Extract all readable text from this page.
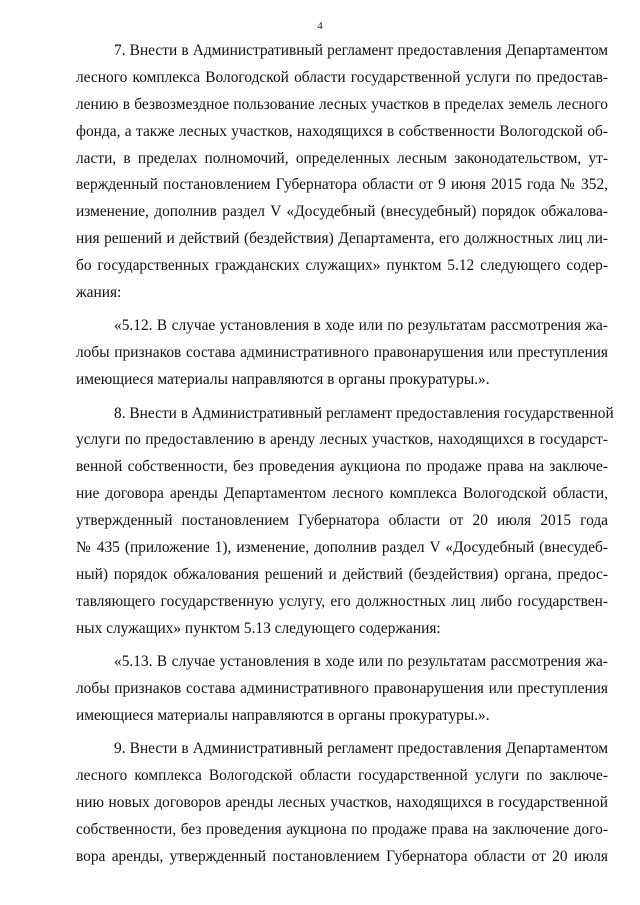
4
7. Внести в Административный регламент предоставления Департаментом
лесного комплекса Вологодской области государственной услуги по предостав-
лению в безвозмездное пользование лесных участков в пределах земель лесного
фонда, а также лесных участков, находящихся в собственности Вологодской об-
ласти, в пределах полномочий, определенных лесным законодательством, ут-
вержденный постановлением Губернатора области от 9 июня 2015 года № 352,
изменение, дополнив раздел V «Досудебный (внесудебный) порядок обжалова-
ния решений и действий (бездействия) Департамента, его должностных лиц ли-
бо государственных гражданских служащих» пунктом 5.12 следующего содер-
жания:
«5.12. В случае установления в ходе или по результатам рассмотрения жа-
лобы признаков состава административного правонарушения или преступления
имеющиеся материалы направляются в органы прокуратуры.».
8. Внести в Административный регламент предоставления государственной
услуги по предоставлению в аренду лесных участков, находящихся в государст-
венной собственности, без проведения аукциона по продаже права на заключе-
ние договора аренды Департаментом лесного комплекса Вологодской области,
утвержденный постановлением Губернатора области от 20 июля 2015 года
№ 435 (приложение 1), изменение, дополнив раздел V «Досудебный (внесудеб-
ный) порядок обжалования решений и действий (бездействия) органа, предос-
тавляющего государственную услугу, его должностных лиц либо государствен-
ных служащих» пунктом 5.13 следующего содержания:
«5.13. В случае установления в ходе или по результатам рассмотрения жа-
лобы признаков состава административного правонарушения или преступления
имеющиеся материалы направляются в органы прокуратуры.».
9. Внести в Административный регламент предоставления Департаментом
лесного комплекса Вологодской области государственной услуги по заключе-
нию новых договоров аренды лесных участков, находящихся в государственной
собственности, без проведения аукциона по продаже права на заключение дого-
вора аренды, утвержденный постановлением Губернатора области от 20 июля
